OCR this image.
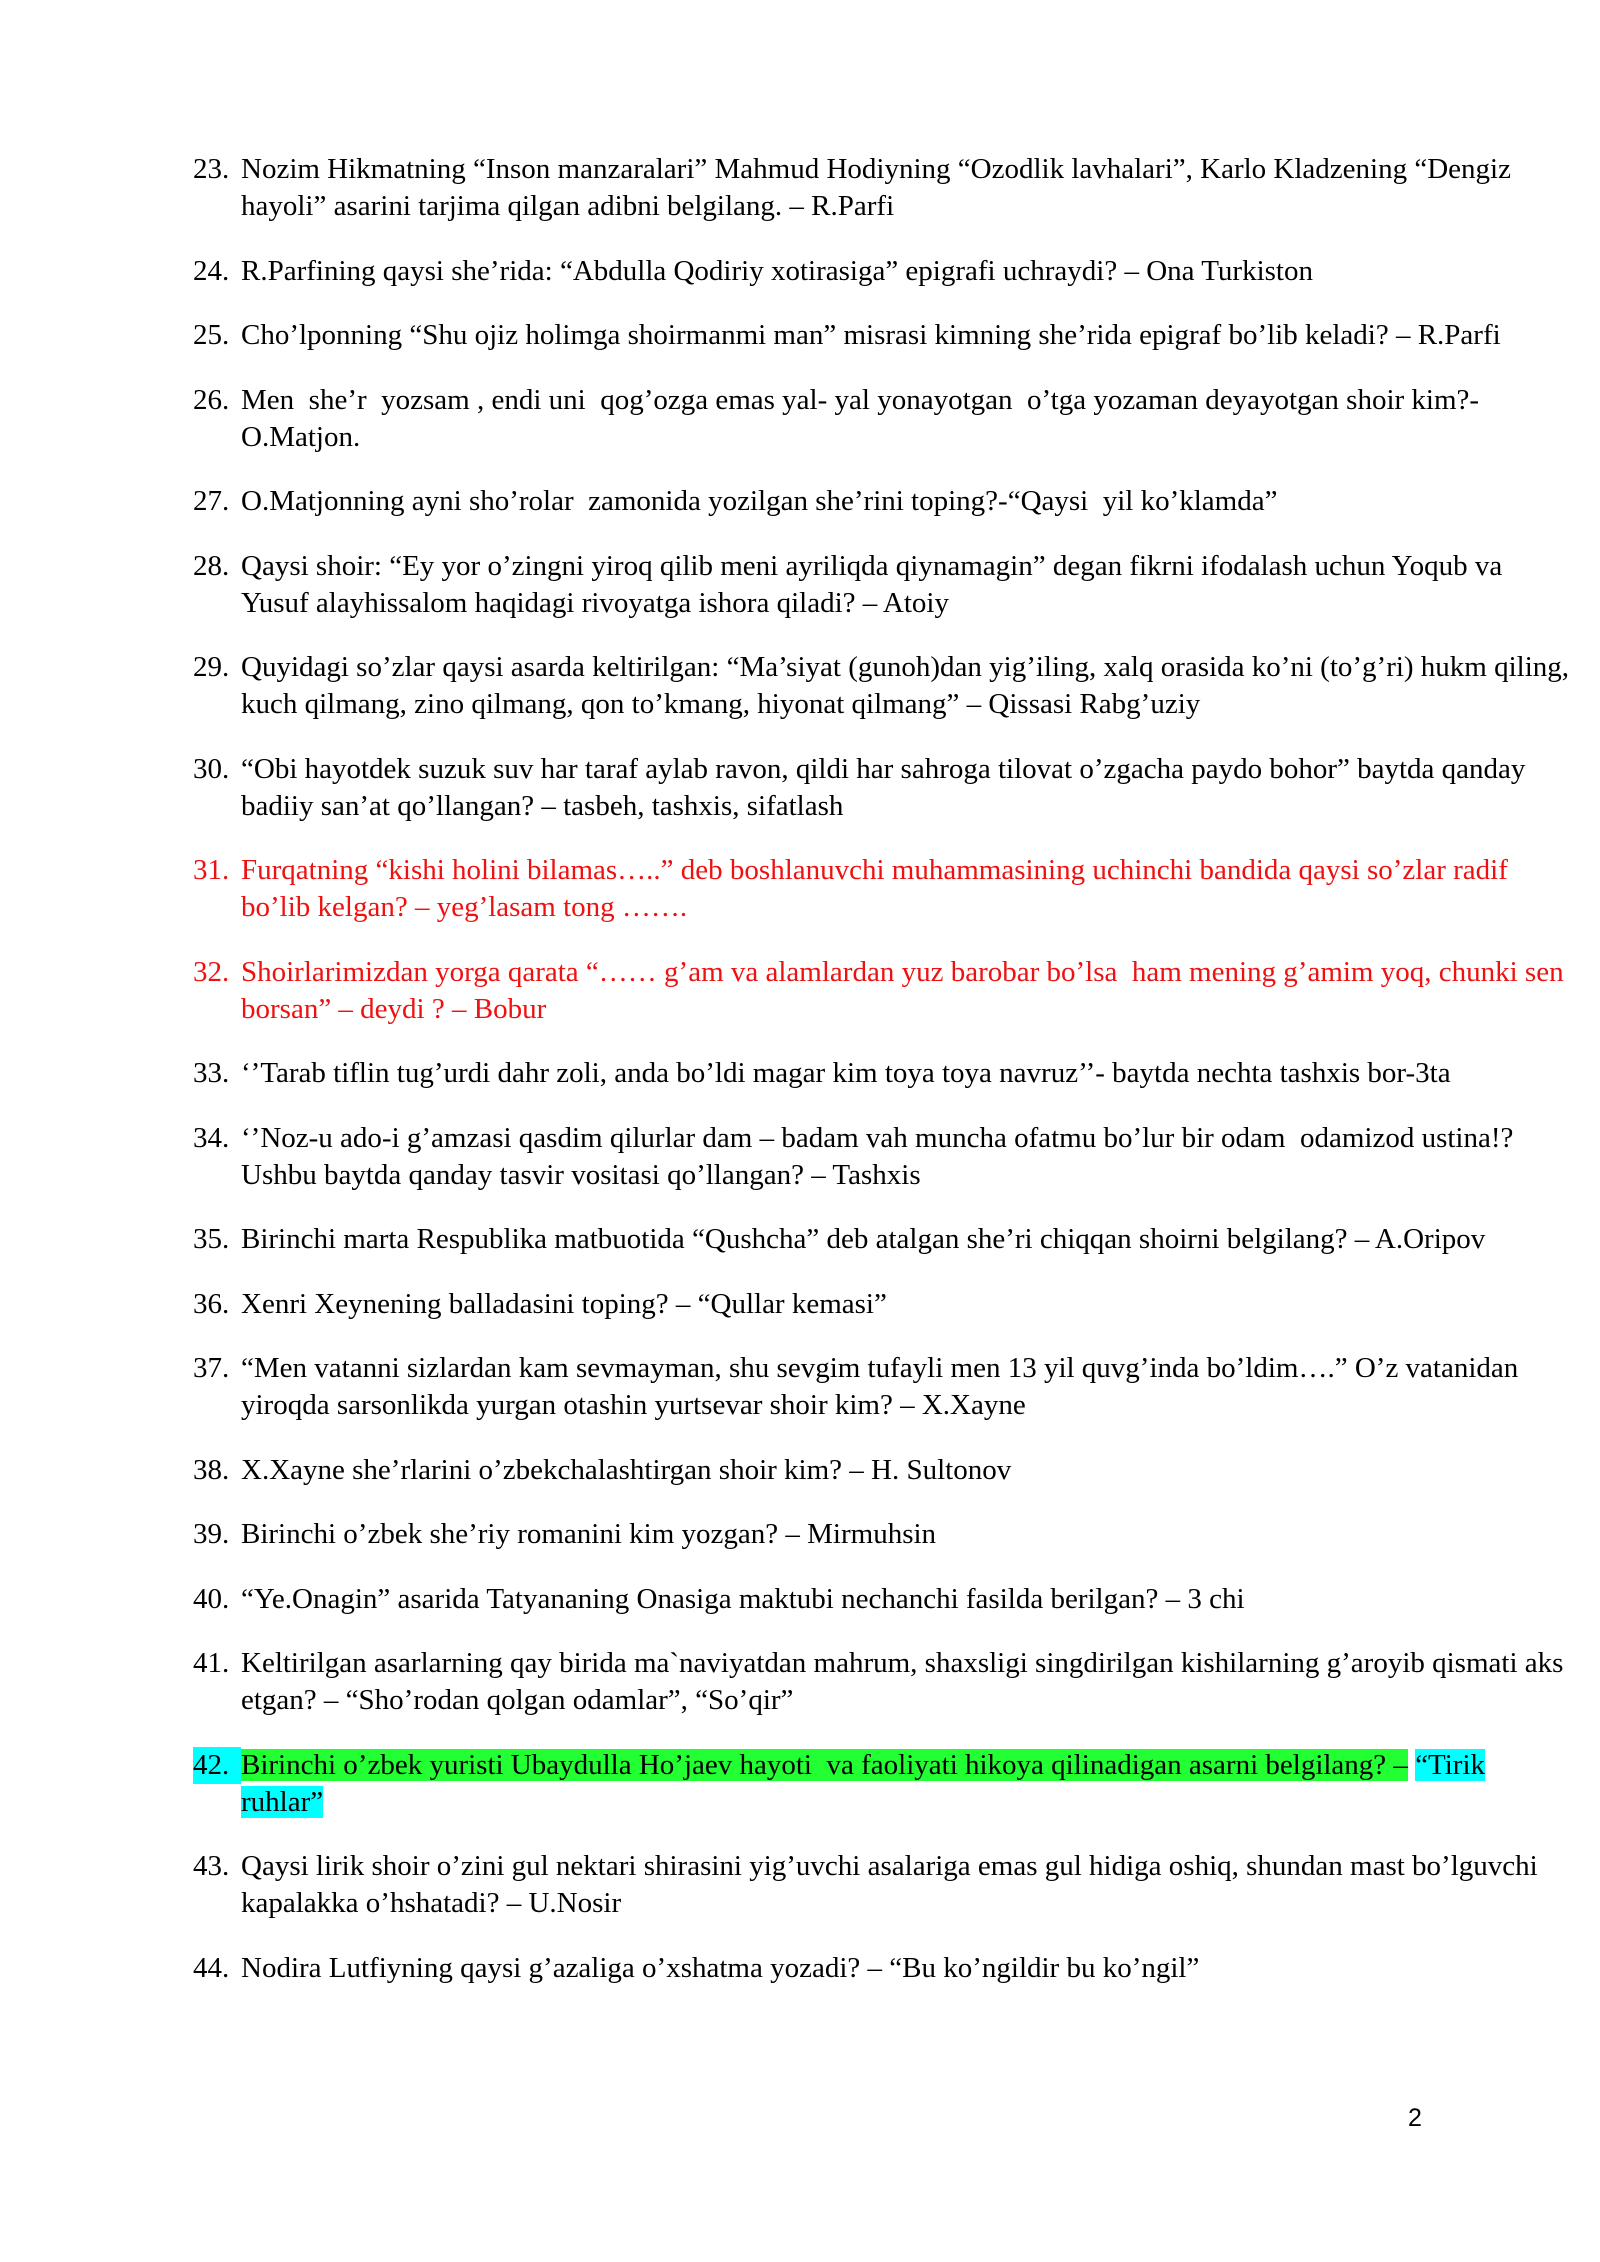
23. Nozim Hikmatning “Inson manzaralari” Mahmud Hodiyning “Ozodlik lavhalari”, Karlo Kladzening “Dengiz hayoli” asarini tarjima qilgan adibni belgilang. – R.Parfi
24. R.Parfining qaysi she’rida: “Abdulla Qodiriy xotirasiga” epigrafi uchraydi? – Ona Turkiston
25. Cho’lponning “Shu ojiz holimga shoirmanmi man” misrasi kimning she’rida epigraf bo’lib keladi? – R.Parfi
26. Men  she’r  yozsam , endi uni  qog’ozga emas yal- yal yonayotgan  o’tga yozaman deyayotgan shoir kim?-O.Matjon.
27. O.Matjonning ayni sho’rolar  zamonida yozilgan she’rini toping?-“Qaysi  yil ko’klamda”
28. Qaysi shoir: “Ey yor o’zingni yiroq qilib meni ayriliqda qiynamagin” degan fikrni ifodalash uchun Yoqub va Yusuf alayhissalom haqidagi rivoyatga ishora qiladi? – Atoiy
29. Quyidagi so’zlar qaysi asarda keltirilgan: “Ma’siyat (gunoh)dan yig’iling, xalq orasida ko’ni (to’g’ri) hukm qiling, kuch qilmang, zino qilmang, qon to’kmang, hiyonat qilmang” – Qissasi Rabg’uziy
30. “Obi hayotdek suzuk suv har taraf aylab ravon, qildi har sahroga tilovat o’zgacha paydo bohor” baytda qanday badiiy san’at qo’llangan? – tasbeh, tashxis, sifatlash
31. Furqatning “kishi holini bilamas…..” deb boshlanuvchi muhammasining uchinchi bandida qaysi so’zlar radif  bo’lib kelgan? – yeg’lasam tong …….
32. Shoirlarimizdan yorga qarata “…… g’am va alamlardan yuz barobar bo’lsa  ham mening g’amim yoq, chunki sen borsan” – deydi ? – Bobur
33. ‘’Tarab tiflin tug’urdi dahr zoli, anda bo’ldi magar kim toya toya navruz’’- baytda nechta tashxis bor-3ta
34. ‘’Noz-u ado-i g’amzasi qasdim qilurlar dam – badam vah muncha ofatmu bo’lur bir odam  odamizod ustina!? Ushbu baytda qanday tasvir vositasi qo’llangan? – Tashxis
35. Birinchi marta Respublika matbuotida “Qushcha” deb atalgan she’ri chiqqan shoirni belgilang? – A.Oripov
36. Xenri Xeynening balladasini toping? – “Qullar kemasi”
37. “Men vatanni sizlardan kam sevmayman, shu sevgim tufayli men 13 yil quvg’inda bo’ldim….” O’z vatanidan yiroqda sarsonlikda yurgan otashin yurtsevar shoir kim? – X.Xayne
38. X.Xayne she’rlarini o’zbekchalashtirgan shoir kim? – H. Sultonov
39. Birinchi o’zbek she’riy romanini kim yozgan? – Mirmuhsin
40. “Ye.Onagin” asarida Tatyananing Onasiga maktubi nechanchi fasilda berilgan? – 3 chi
41. Keltirilgan asarlarning qay birida ma`naviyatdan mahrum, shaxsligi singdirilgan kishilarning g’aroyib qismati aks etgan? – “Sho’rodan qolgan odamlar”, “So’qir”
42. Birinchi o’zbek yuristi Ubaydulla Ho’jaev hayoti  va faoliyati hikoya qilinadigan asarni belgilang? – “Tirik ruhlar”
43. Qaysi lirik shoir o’zini gul nektari shirasini yig’uvchi asalariga emas gul hidiga oshiq, shundan mast bo’lguvchi kapalakka o’hshatadi? – U.Nosir
44. Nodira Lutfiyning qaysi g’azaliga o’xshatma yozadi? – “Bu ko’ngildir bu ko’ngil”
2
